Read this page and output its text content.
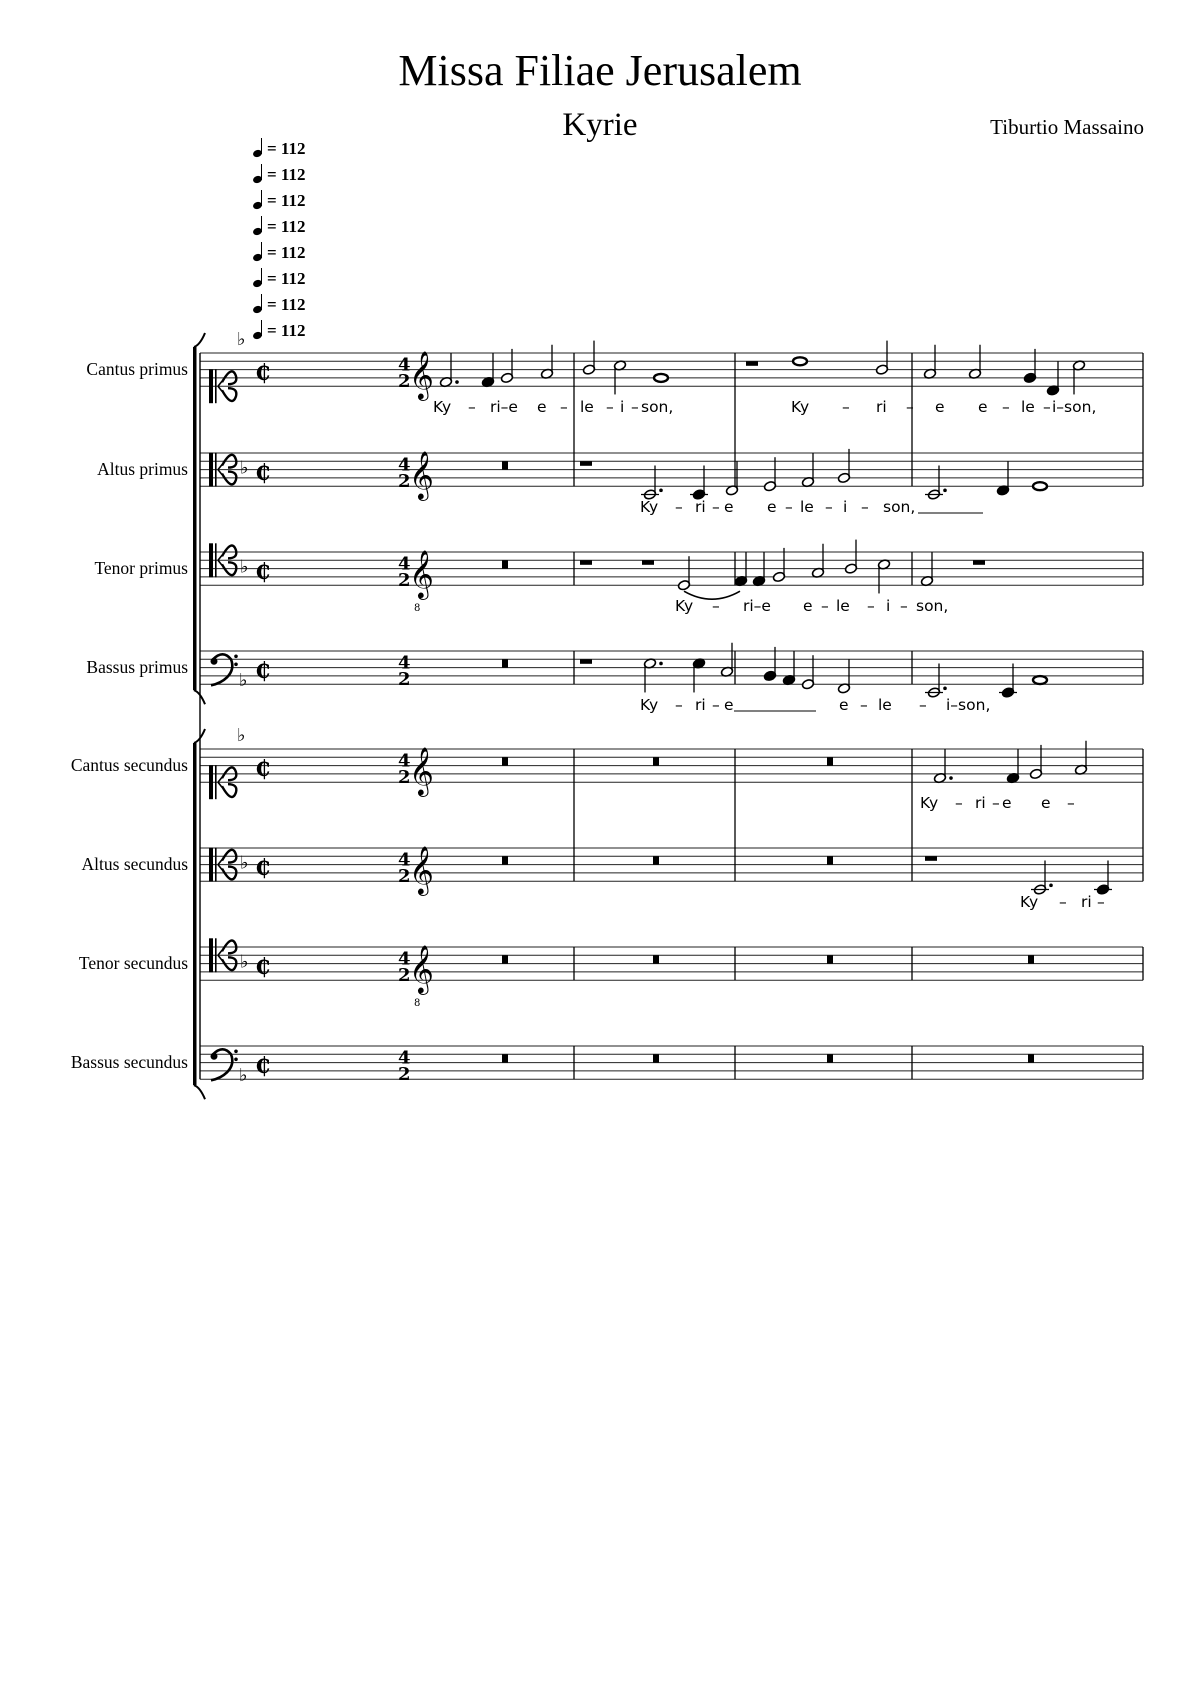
Missa Filiae Jerusalem
Kyrie	Tiburtio Massaino
= 112
= 112
= 112
= 112
= 112
= 112
= 112
= 112
Cantus primus
Altus primus
Tenor primus
Bassus primus
Cantus secundus
Altus secundus
Tenor secundus
Bassus secundus
♭
₵	4
2
𝄞
♭ ₵	4
2
𝄞
♭ ₵	4
2
𝄞
8
♭ ₵	4
2
♭
₵	4
2
𝄞
♭ ₵	4
2
𝄞
♭ ₵	4
2
𝄞
8
♭ ₵	4
2
Ky – ri–e e – le – i – son,	Ky – ri – e e – le – i–son,
Ky – ri – e e – le – i – son,
Ky – ri–e e – le – i – son,
Ky – ri – e	e – le – i–son,
Ky – ri – e e –
Ky – ri –
